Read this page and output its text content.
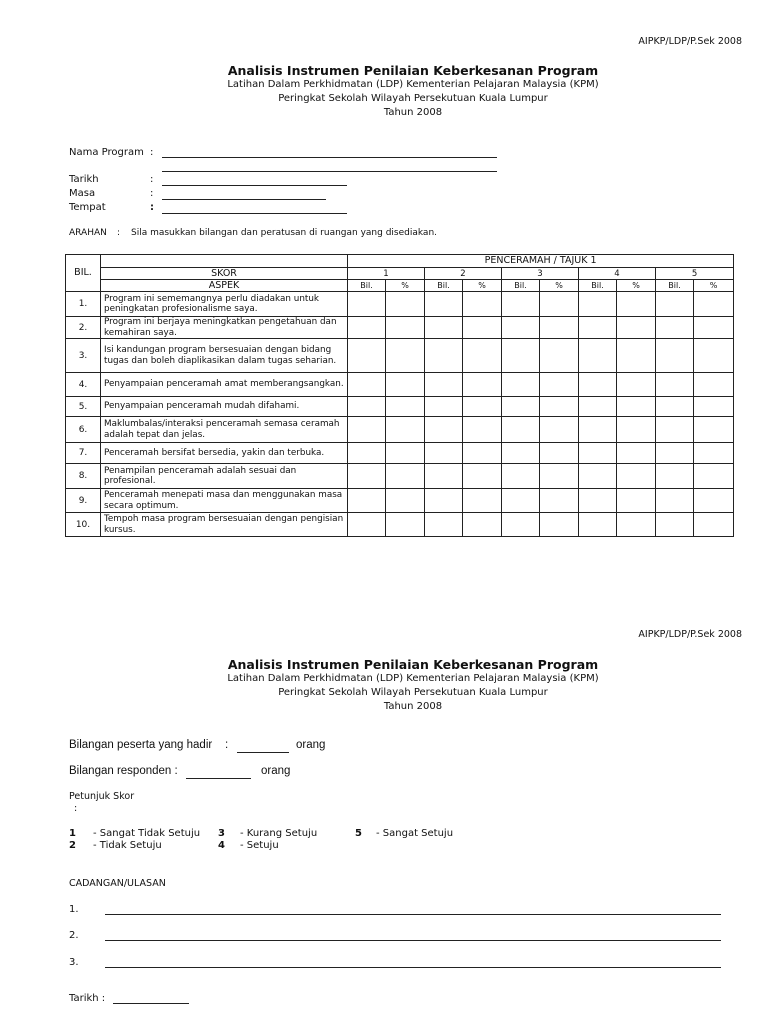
AIPKP/LDP/P.Sek 2008
Analisis Instrumen Penilaian Keberkesanan Program
Latihan Dalam Perkhidmatan (LDP) Kementerian Pelajaran Malaysia (KPM)
Peringkat Sekolah Wilayah Persekutuan Kuala Lumpur
Tahun 2008
Nama Program :
Tarikh	:
Masa	:
Tempat	:
ARAHAN : Sila masukkan bilangan dan peratusan di ruangan yang disediakan.
BIL.		PENCERAMAH / TAJUK 1									
	SKOR	1		2		3		4		5	
	ASPEK	Bil.	%	Bil.	%	Bil.	%	Bil.	%	Bil.	%
1.	Program ini sememangnya perlu diadakan untuk peningkatan profesionalisme saya.										
2.	Program ini berjaya meningkatkan pengetahuan dan kemahiran saya.										
3.	Isi kandungan program bersesuaian dengan bidang tugas dan boleh diaplikasikan dalam tugas seharian.										
4.	Penyampaian penceramah amat memberangsangkan.										
5.	Penyampaian penceramah mudah difahami.										
6.	Maklumbalas/interaksi penceramah semasa ceramah adalah tepat dan jelas.										
7.	Penceramah bersifat bersedia, yakin dan terbuka.										
8.	Penampilan penceramah adalah sesuai dan profesional.										
9.	Penceramah menepati masa dan menggunakan masa secara optimum.										
10.	Tempoh masa program bersesuaian dengan pengisian kursus.										
AIPKP/LDP/P.Sek 2008
Analisis Instrumen Penilaian Keberkesanan Program
Latihan Dalam Perkhidmatan (LDP) Kementerian Pelajaran Malaysia (KPM)
Peringkat Sekolah Wilayah Persekutuan Kuala Lumpur
Tahun 2008
Bilangan peserta yang hadir :	orang
Bilangan responden :	orang
Petunjuk Skor
:
1 - Sangat Tidak Setuju
2 - Tidak Setuju
3 - Kurang Setuju
4 - Setuju
5 - Sangat Setuju
CADANGAN/ULASAN
1.
2.
3.
Tarikh :
